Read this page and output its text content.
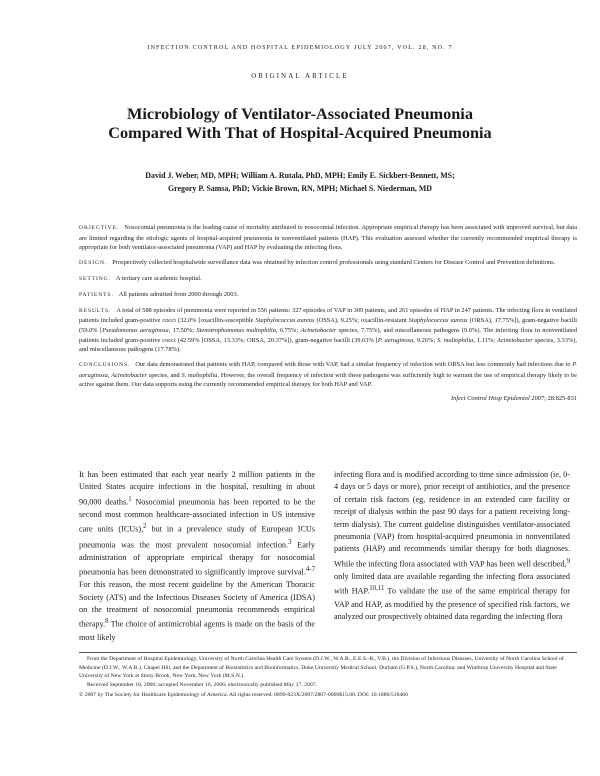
INFECTION CONTROL AND HOSPITAL EPIDEMIOLOGY JULY 2007, VOL. 28, NO. 7
ORIGINAL ARTICLE
Microbiology of Ventilator-Associated Pneumonia
Compared With That of Hospital-Acquired Pneumonia
David J. Weber, MD, MPH; William A. Rutala, PhD, MPH; Emily E. Sickbert-Bennett, MS;
Gregory P. Samsa, PhD; Vickie Brown, RN, MPH; Michael S. Niederman, MD

OBJECTIVE. Nosocomial pneumonia is the leading cause of mortality attributed to nosocomial infection. Appropriate empirical therapy has been associated with improved survival, but data are limited regarding the etiologic agents of hospital-acquired pneumonia in nonventilated patients (HAP). This evaluation assessed whether the currently recommended empirical therapy is appropriate for both ventilator-associated pneumonia (VAP) and HAP by evaluating the infecting flora.

DESIGN. Prospectively collected hospitalwide surveillance data was obtained by infection control professionals using standard Centers for Disease Control and Prevention definitions.

SETTING. A tertiary care academic hospital.

PATIENTS. All patients admitted from 2000 through 2003.

RESULTS. A total of 588 episodes of pneumonia were reported in 556 patients: 327 episodes of VAP in 309 patients, and 261 episodes of HAP in 247 patients. The infecting flora in ventilated patients included gram-positive cocci (32.0% [oxacillin-susceptible Staphylococcus aureus (OSSA), 9.25%; oxacillin-resistant Staphylococcus aureus (ORSA), 17.75%]), gram-negative bacilli (59.0% [Pseudomonas aeruginosa, 17.50%; Stenotrophomonas maltophilia, 6.75%; Acinetobacter species, 7.75%), and miscellaneous pathogens (9.0%). The infecting flora in nonventilated patients included gram-positive cocci (42.59% [OSSA, 13.33%; ORSA, 20.37%]), gram-negative bacilli (39.63% [P. aeruginosa, 9.26%; S. maltophilia, 1.11%; Acinetobacter species, 3.33%), and miscellaneous pathogens (17.78%).

CONCLUSIONS. Our data demonstrated that patients with HAP, compared with those with VAP, had a similar frequency of infection with ORSA but less commonly had infections due to P. aeruginosa, Acinetobacter species, and S. maltophilia. However, the overall frequency of infection with these pathogens was sufficiently high to warrant the use of empirical therapy likely to be active against them. Our data supports using the currently recommended empirical therapy for both HAP and VAP.

Infect Control Hosp Epidemiol 2007; 28:825-831

It has been estimated that each year nearly 2 million patients in the United States acquire infections in the hospital, resulting in about 90,000 deaths.$^1$ Nosocomial pneumonia has been reported to be the second most common healthcare-associated infection in US intensive care units (ICUs),$^2$ but in a prevalence study of European ICUs pneumonia was the most prevalent nosocomial infection.$^3$ Early administration of appropriate empirical therapy for nosocomial pneumonia has been demonstrated to significantly improve survival.$^{4-7}$ For this reason, the most recent guideline by the American Thoracic Society (ATS) and the Infectious Diseases Society of America (IDSA) on the treatment of nosocomial pneumonia recommends empirical therapy.$^8$ The choice of antimicrobial agents is made on the basis of the most likely

infecting flora and is modified according to time since admission (ie, 0-4 days or 5 days or more), prior receipt of antibiotics, and the presence of certain risk factors (eg, residence in an extended care facility or receipt of dialysis within the past 90 days for a patient receiving long-term dialysis). The current guideline distinguishes ventilator-associated pneumonia (VAP) from hospital-acquired pneumonia in nonventilated patients (HAP) and recommends similar therapy for both diagnoses. While the infecting flora associated with VAP has been well described,$^9$ only limited data are available regarding the infecting flora associated with HAP.$^{10,11}$ To validate the use of the same empirical therapy for VAP and HAP, as modified by the presence of specified risk factors, we analyzed our prospectively obtained data regarding the infecting flora

From the Department of Hospital Epidemiology, University of North Carolina Health Care System (D.J.W., W.A.R., E.E.S.-B., V.B.), the Division of Infectious Diseases, University of North Carolina School of Medicine (D.J.W., W.A.R.), Chapel Hill, and the Department of Biostatistics and Bioinformatics, Duke University Medical School, Durham (G.P.S.), North Carolina; and Winthrop University Hospital and State University of New York at Stony Brook, New York, New York (M.S.N.).

Received September 18, 2006; accepted November 16, 2006; electronically published May 17, 2007.

© 2007 by The Society for Healthcare Epidemiology of America. All rights reserved. 0899-823X/2007/2807-0009$15.00. DOI: 10.1086/518460
